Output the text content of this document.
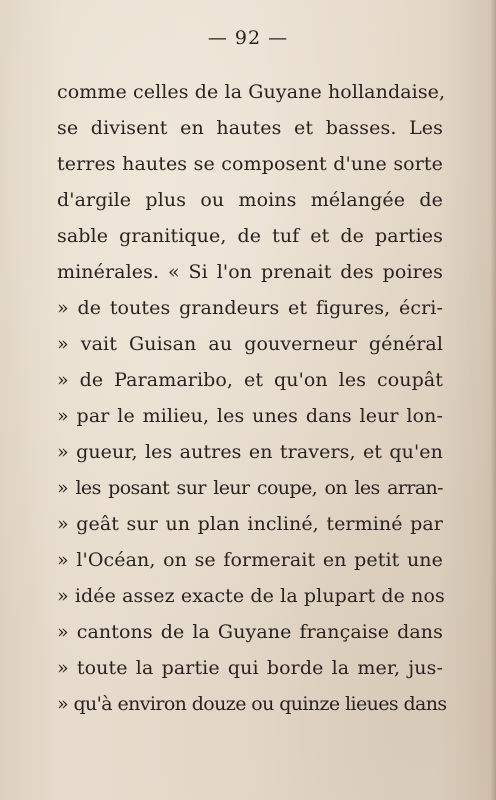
— 92 —
comme celles de la Guyane hollandaise,
se divisent en hautes et basses. Les
terres hautes se composent d'une sorte
d'argile plus ou moins mélangée de
sable granitique, de tuf et de parties
minérales. « Si l'on prenait des poires
» de toutes grandeurs et figures, écri-
» vait Guisan au gouverneur général
» de Paramaribo, et qu'on les coupât
» par le milieu, les unes dans leur lon-
» gueur, les autres en travers, et qu'en
» les posant sur leur coupe, on les arran-
» geât sur un plan incliné, terminé par
» l'Océan, on se formerait en petit une
» idée assez exacte de la plupart de nos
» cantons de la Guyane française dans
» toute la partie qui borde la mer, jus-
» qu'à environ douze ou quinze lieues dans
